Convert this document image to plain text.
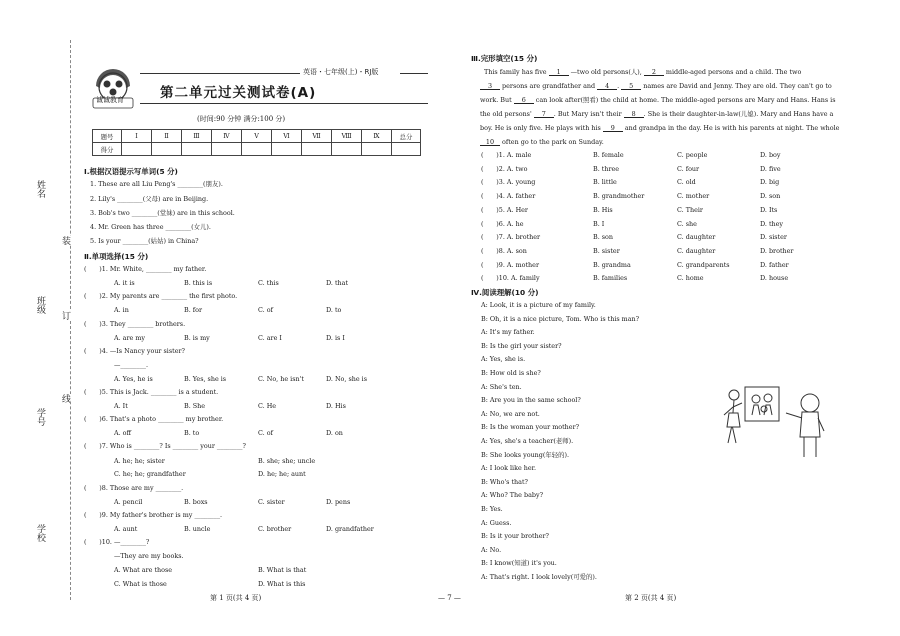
姓名
装
班级
订
学号
线
学校
诚诚教育
英语・七年级(上)・RJ版
第二单元过关测试卷(A)
(时间:90 分钟 满分:100 分)
题号	Ⅰ	Ⅱ	Ⅲ	Ⅳ	Ⅴ	Ⅵ	Ⅶ	Ⅷ	Ⅸ	总分
得分										
Ⅰ.根据汉语提示写单词(5 分)
1. These are all Liu Peng's ________(朋友).
2. Lily's ________(父母) are in Beijing.
3. Bob's two ________(堂妹) are in this school.
4. Mr. Green has three ________(女儿).
5. Is your ________(姑姑) in China?
Ⅱ.单项选择(15 分)
(　　)1. Mr. White, ________ my father.
A. it is	B. this is	C. this	D. that
(　　)2. My parents are ________ the first photo.
A. in	B. for	C. of	D. to
(　　)3. They ________ brothers.
A. are my	B. is my	C. are I	D. is I
(　　)4. —Is Nancy your sister?
—________.
A. Yes, he is	B. Yes, she is	C. No, he isn't	D. No, she is
(　　)5. This is Jack. ________ is a student.
A. It	B. She	C. He	D. His
(　　)6. That's a photo ________ my brother.
A. off	B. to	C. of	D. on
(　　)7. Who is ________? Is ________ your ________?
A. he; he; sister	B. she; she; uncle
C. he; he; grandfather	D. he; he; aunt
(　　)8. Those are my ________.
A. pencil	B. boxs	C. sister	D. pens
(　　)9. My father's brother is my ________.
A. aunt	B. uncle	C. brother	D. grandfather
(　　)10. —________?
—They are my books.
A. What are those	B. What is that
C. What is those	D. What is this
Ⅲ.完形填空(15 分)
This family has five 1 —two old persons(人), 2 middle-aged persons and a child. The two
3 persons are grandfather and 4 . 5 names are David and Jenny. They are old. They can't go to
work. But 6 can look after(照看) the child at home. The middle-aged persons are Mary and Hans. Hans is
the old persons' 7 . But Mary isn't their 8 . She is their daughter-in-law(儿媳). Mary and Hans have a
boy. He is only five. He plays with his 9 and grandpa in the day. He is with his parents at night. The whole
10 often go to the park on Sunday.
(　　)1. A. male	B. female	C. people	D. boy
(　　)2. A. two	B. three	C. four	D. five
(　　)3. A. young	B. little	C. old	D. big
(　　)4. A. father	B. grandmother	C. mother	D. son
(　　)5. A. Her	B. His	C. Their	D. Its
(　　)6. A. he	B. I	C. she	D. they
(　　)7. A. brother	B. son	C. daughter	D. sister
(　　)8. A. son	B. sister	C. daughter	D. brother
(　　)9. A. mother	B. grandma	C. grandparents	D. father
(　　)10. A. family	B. families	C. home	D. house
Ⅳ.阅读理解(10 分)
A: Look, it is a picture of my family.
B: Oh, it is a nice picture, Tom. Who is this man?
A: It's my father.
B: Is the girl your sister?
A: Yes, she is.
B: How old is she?
A: She's ten.
B: Are you in the same school?
A: No, we are not.
B: Is the woman your mother?
A: Yes, she's a teacher(老师).
B: She looks young(年轻的).
A: I look like her.
B: Who's that?
A: Who? The baby?
B: Yes.
A: Guess.
B: Is it your brother?
A: No.
B: I know(知道) it's you.
A: That's right. I look lovely(可爱的).
第 1 页(共 4 页)	— 7 —	第 2 页(共 4 页)
